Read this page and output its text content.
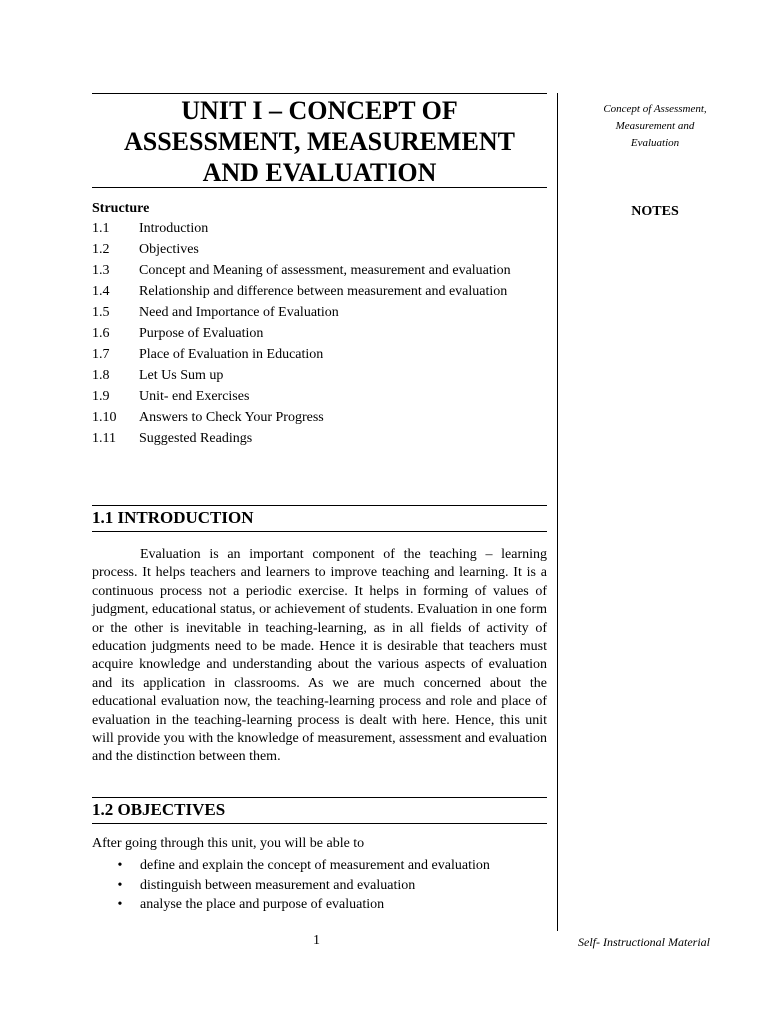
Concept of Assessment,
Measurement and
Evaluation
NOTES
UNIT I – CONCEPT OF
ASSESSMENT, MEASUREMENT
AND EVALUATION
Structure
1.1	Introduction
1.2	Objectives
1.3	Concept and Meaning of assessment, measurement and evaluation
1.4	Relationship and difference between measurement and evaluation
1.5	Need and Importance of Evaluation
1.6	Purpose of Evaluation
1.7	Place of Evaluation in Education
1.8	Let Us Sum up
1.9	Unit- end Exercises
1.10	Answers to Check Your Progress
1.11	Suggested Readings
1.1 INTRODUCTION

Evaluation is an important component of the teaching – learning process. It helps teachers and learners to improve teaching and learning. It is a continuous process not a periodic exercise. It helps in forming of values of judgment, educational status, or achievement of students. Evaluation in one form or the other is inevitable in teaching-learning, as in all fields of activity of education judgments need to be made. Hence it is desirable that teachers must acquire knowledge and understanding about the various aspects of evaluation and its application in classrooms. As we are much concerned about the educational evaluation now, the teaching-learning process and role and place of evaluation in the teaching-learning process is dealt with here. Hence, this unit will provide you with the knowledge of measurement, assessment and evaluation and the distinction between them.

1.2 OBJECTIVES
After going through this unit, you will be able to
•	define and explain the concept of measurement and evaluation
•	distinguish between measurement and evaluation
•	analyse the place and purpose of evaluation
1	Self- Instructional Material
